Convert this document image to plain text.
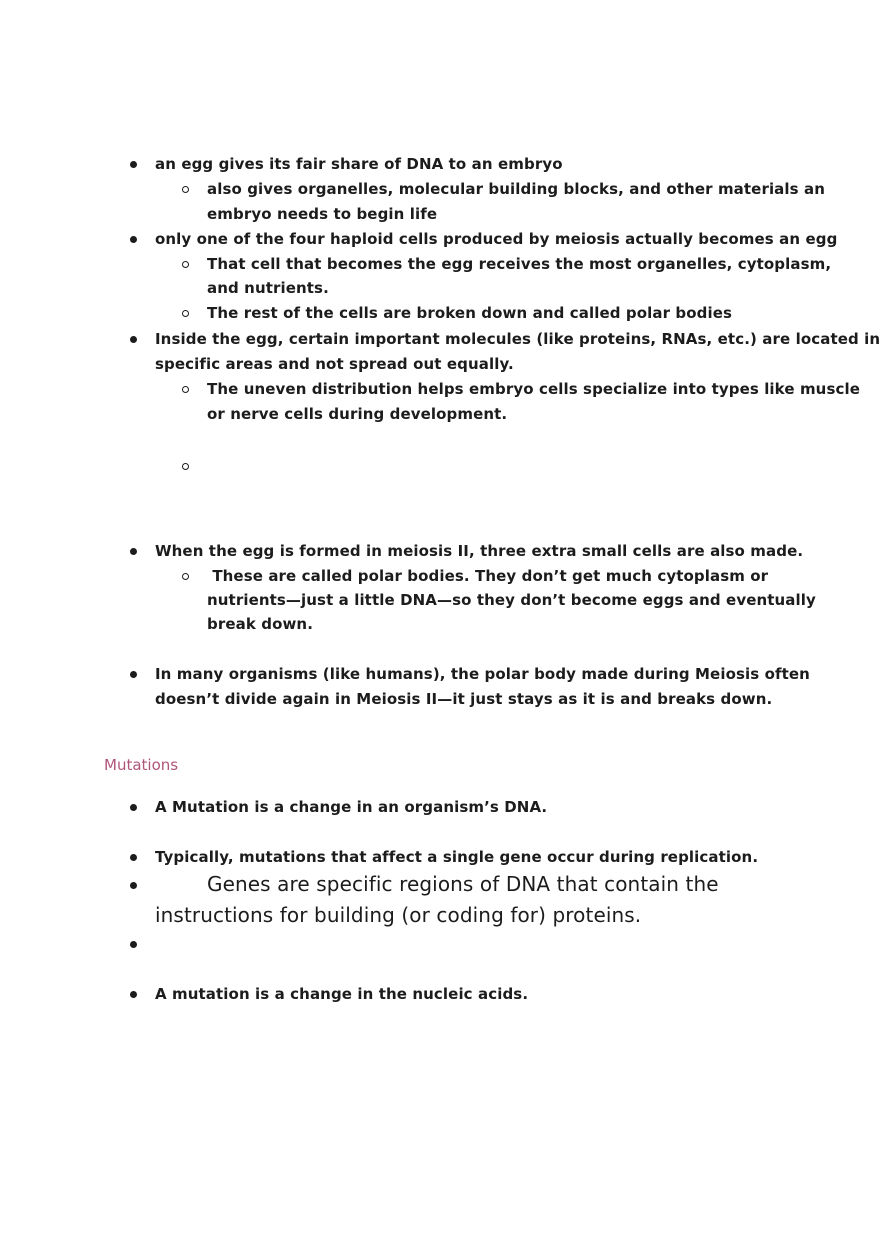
an egg gives its fair share of DNA to an embryo
also gives organelles, molecular building blocks, and other materials an
embryo needs to begin life
only one of the four haploid cells produced by meiosis actually becomes an egg
That cell that becomes the egg receives the most organelles, cytoplasm,
and nutrients.
The rest of the cells are broken down and called polar bodies
Inside the egg, certain important molecules (like proteins, RNAs, etc.) are located in
specific areas and not spread out equally.
The uneven distribution helps embryo cells specialize into types like muscle
or nerve cells during development.
When the egg is formed in meiosis II, three extra small cells are also made.
These are called polar bodies. They don’t get much cytoplasm or
nutrients—just a little DNA—so they don’t become eggs and eventually
break down.
In many organisms (like humans), the polar body made during Meiosis often
doesn’t divide again in Meiosis II—it just stays as it is and breaks down.
Mutations
A Mutation is a change in an organism’s DNA.
Typically, mutations that affect a single gene occur during replication.
Genes are specific regions of DNA that contain the
instructions for building (or coding for) proteins.
A mutation is a change in the nucleic acids.
